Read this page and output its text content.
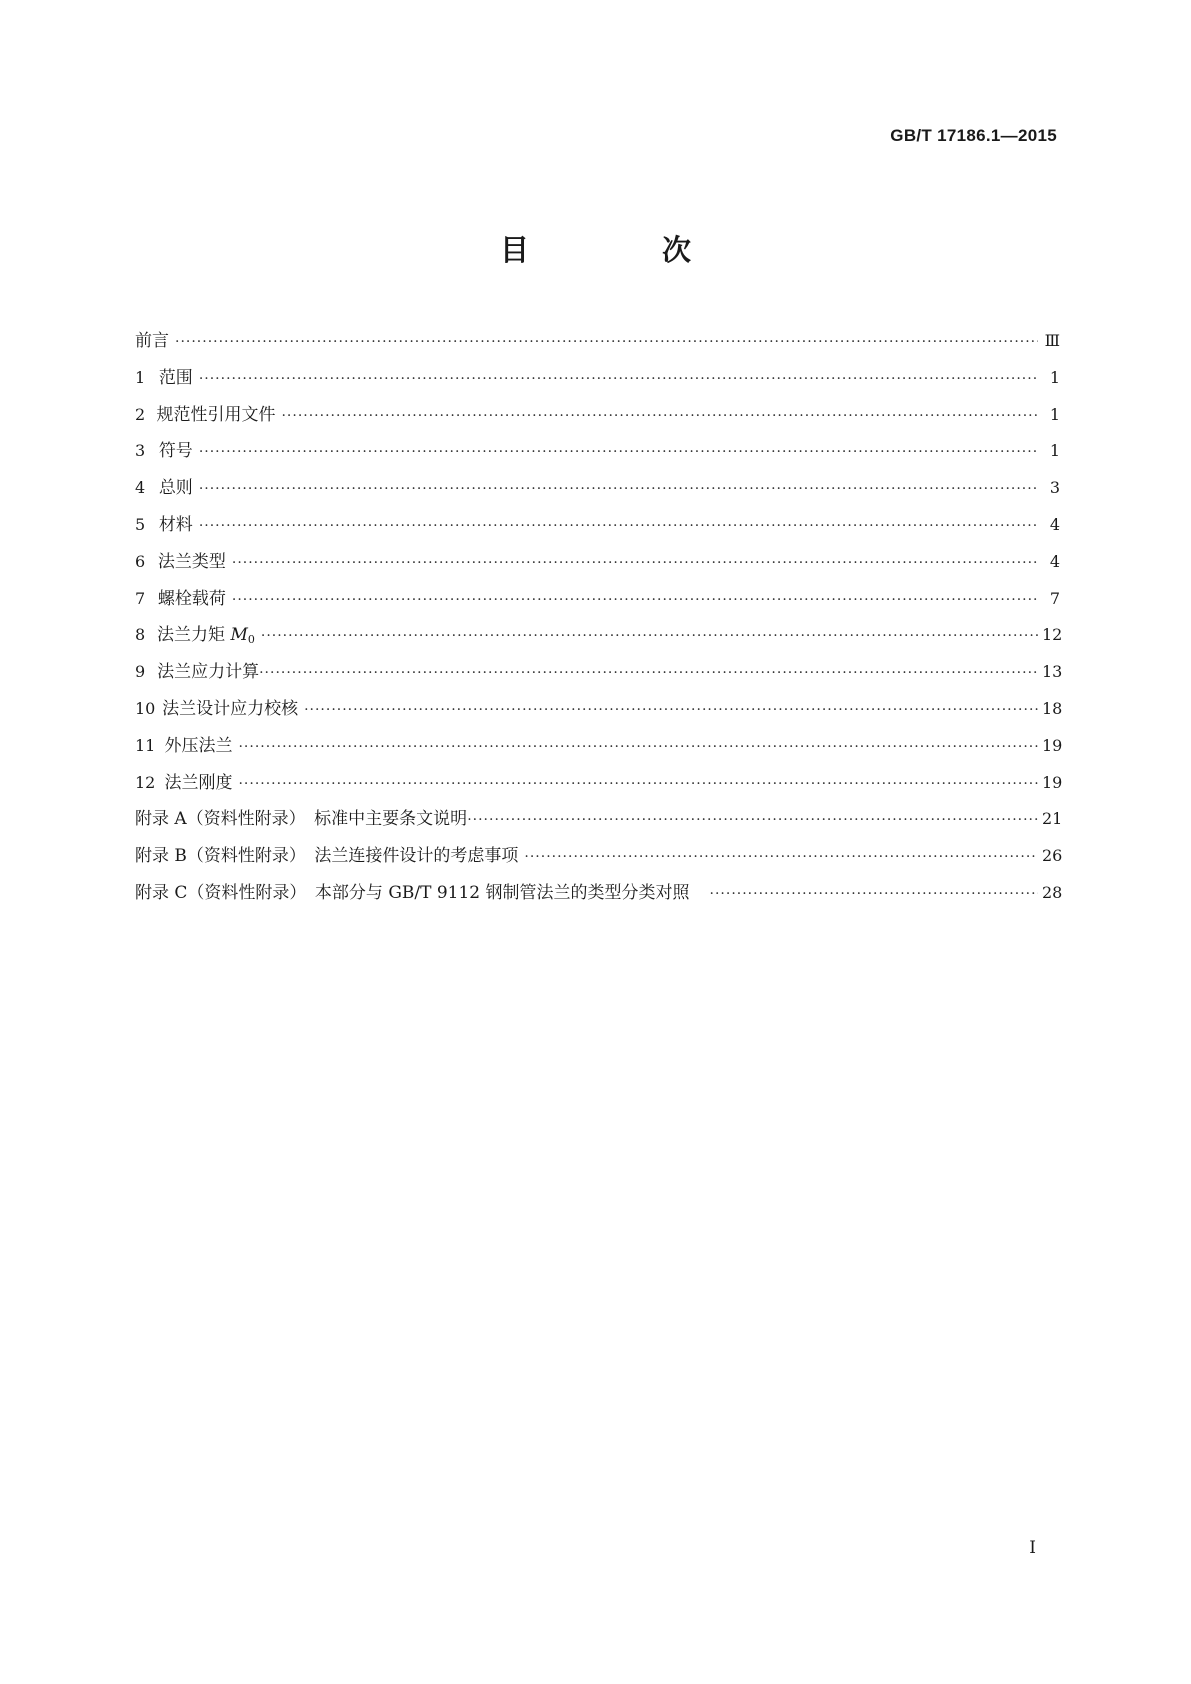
GB/T 17186.1—2015
目　次
前言 ·····	Ⅲ
1 范围 ·····	1
2 规范性引用文件 ·····	1
3 符号 ·····	1
4 总则 ·····	3
5 材料 ·····	4
6 法兰类型 ·····	4
7 螺栓载荷 ·····	7
8 法兰力矩 $M_0$ ·····	12
9 法兰应力计算 ·····	13
10 法兰设计应力校核 ·····	18
11 外压法兰 ·····	19
12 法兰刚度 ·····	19
附录 A（资料性附录）　标准中主要条文说明 ·····	21
附录 B（资料性附录）　法兰连接件设计的考虑事项 ·····	26
附录 C（资料性附录）　本部分与 GB/T 9112 钢制管法兰的类型分类对照 ·····	28
I
